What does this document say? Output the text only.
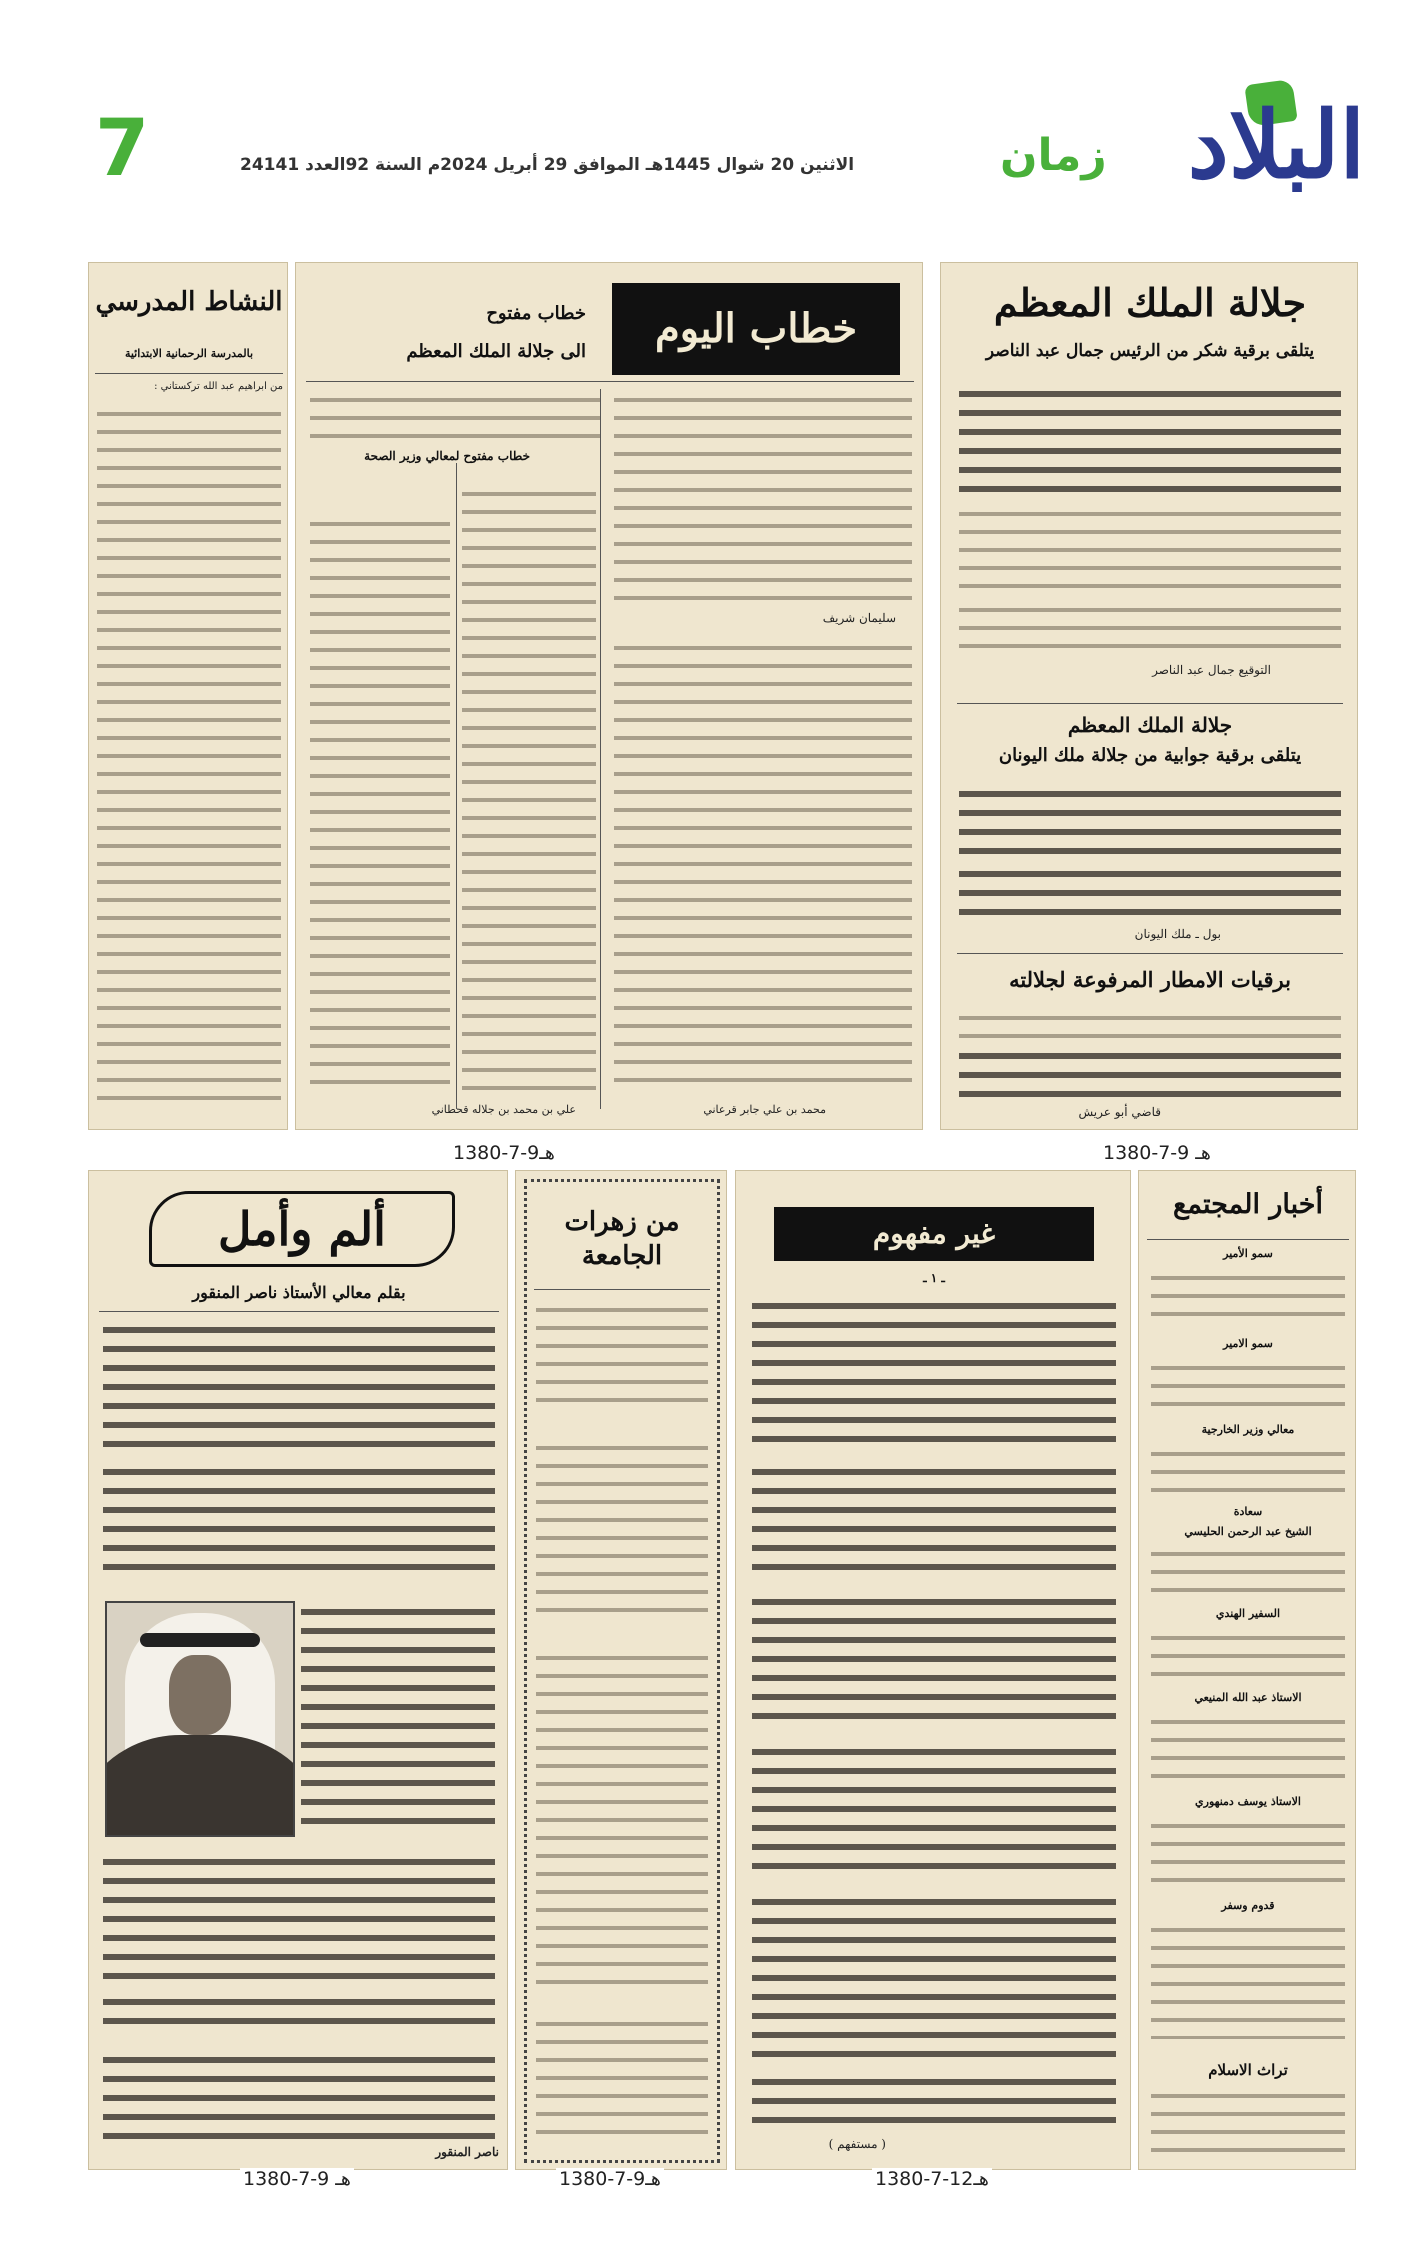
7	الاثنين 20 شوال 1445هـ الموافق 29 أبريل 2024م السنة 92العدد 24141	زمان البلاد
جلالة الملك المعظم
يتلقى برقية شكر من الرئيس جمال عبد الناصر
التوقيع جمال عبد الناصر
جلالة الملك المعظم
يتلقى برقية جوابية من جلالة ملك اليونان
بول ـ ملك اليونان
برقيات الامطار المرفوعة لجلالته
قاضي أبو عريش
خطاب اليوم
خطاب مفتوح
الى جلالة الملك المعظم
خطاب مفتوح لمعالي وزير الصحة
سليمان شريف
محمد بن علي جابر قرعاني
علي بن محمد بن جلاله قحطاني
النشاط المدرسي
بالمدرسة الرحمانية الابتدائية
من ابراهيم عبد الله تركستاني :
1380-7-9هـ	1380-7-9 هـ
أخبار المجتمع
سمو الأمير
سمو الامير
معالي وزير الخارجية
سعادة
الشيخ عبد الرحمن الحليسي
السفير الهندي
الاستاذ عبد الله المنيعي
الاستاذ يوسف دمنهوري
قدوم وسفر
تراث الاسلام
غير مفهوم
ـ ١ ـ
( مستفهم )
من زهرات الجامعة
ألم وأمل
بقلم معالي الأستاذ ناصر المنقور
ناصر المنقور
1380-7-12هـ
1380-7-9هـ
1380-7-9 هـ
